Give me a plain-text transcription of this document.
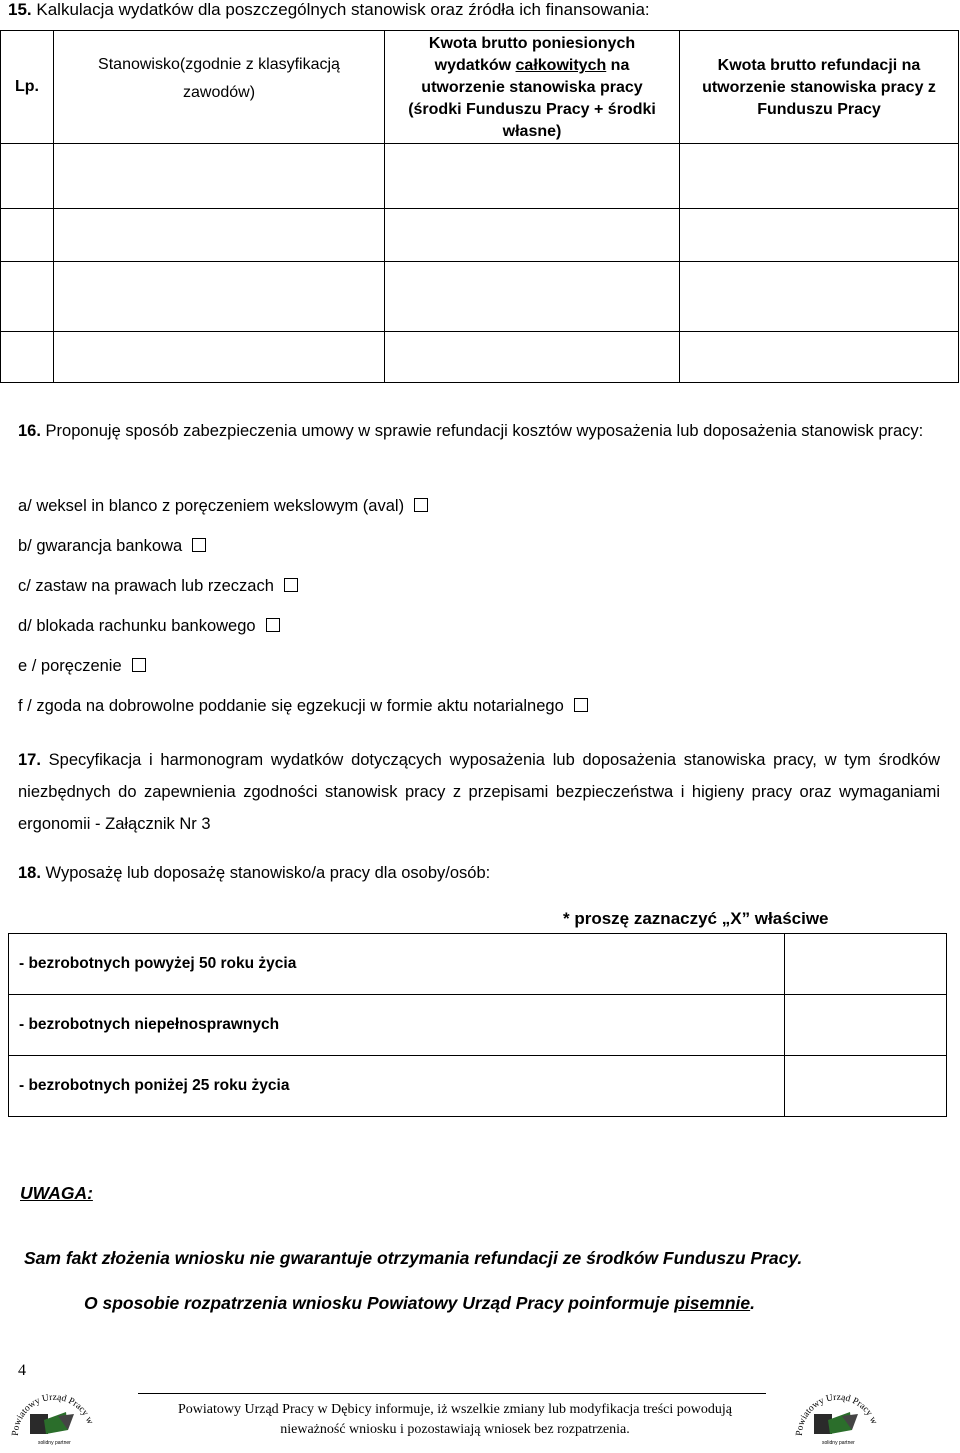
15. Kalkulacja wydatków dla poszczególnych stanowisk oraz źródła ich finansowania:
Lp.	Stanowisko(zgodnie z klasyfikacją
zawodów)	Kwota brutto poniesionych wydatków całkowitych na utworzenie stanowiska pracy (środki Funduszu Pracy + środki własne)	Kwota brutto refundacji na utworzenie stanowiska pracy z Funduszu Pracy

16. Proponuję sposób zabezpieczenia umowy w sprawie refundacji kosztów wyposażenia lub doposażenia stanowisk pracy:
a/ weksel in blanco z poręczeniem wekslowym (aval)
b/ gwarancja bankowa
c/ zastaw na prawach lub rzeczach
d/ blokada rachunku bankowego
e / poręczenie
f / zgoda na dobrowolne poddanie się egzekucji w formie aktu notarialnego
17. Specyfikacja i harmonogram wydatków dotyczących wyposażenia lub doposażenia stanowiska pracy, w tym środków niezbędnych do zapewnienia zgodności stanowisk pracy z przepisami bezpieczeństwa i higieny pracy oraz wymaganiami ergonomii - Załącznik Nr 3
18. Wyposażę lub doposażę stanowisko/a pracy dla osoby/osób:
* proszę zaznaczyć „X” właściwe
- bezrobotnych powyżej 50 roku życia	
- bezrobotnych niepełnosprawnych	
- bezrobotnych poniżej 25 roku życia	
UWAGA:
Sam fakt złożenia wniosku nie gwarantuje otrzymania refundacji ze środków Funduszu Pracy.
O sposobie rozpatrzenia wniosku Powiatowy Urząd Pracy poinformuje pisemnie.
4
Powiatowy Urząd Pracy w
solidny partner
Powiatowy Urząd Pracy w Dębicy informuje, iż wszelkie zmiany lub modyfikacja treści powodują
nieważność wniosku i pozostawiają wniosek bez rozpatrzenia.	Powiatowy Urząd Pracy w
solidny partner
